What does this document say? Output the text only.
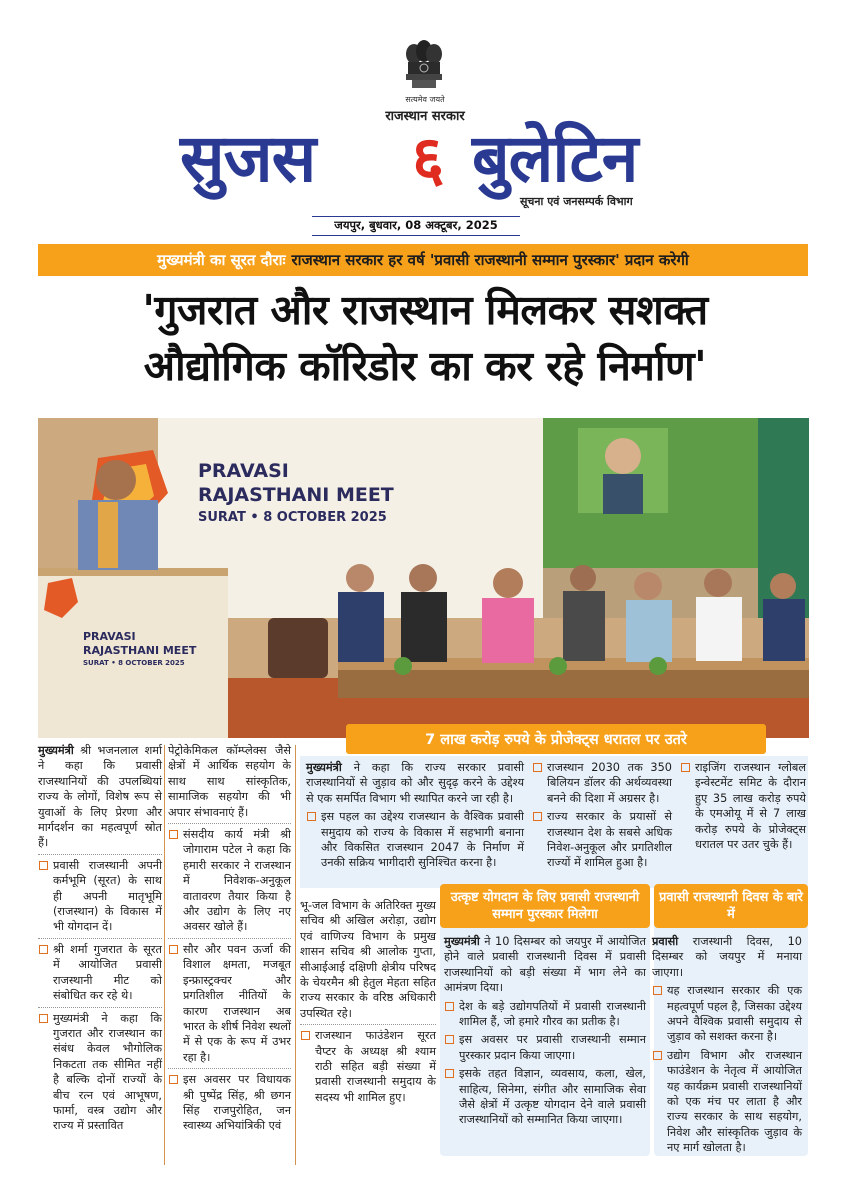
सत्यमेव जयते
राजस्थान सरकार
सुजस ६ बुलेटिन
सूचना एवं जनसम्पर्क विभाग
जयपुर, बुधवार, 08 अक्टूबर, 2025
मुख्यमंत्री का सूरत दौराः राजस्थान सरकार हर वर्ष 'प्रवासी राजस्थानी सम्मान पुरस्कार' प्रदान करेगी
'गुजरात और राजस्थान मिलकर सशक्त
औद्योगिक कॉरिडोर का कर रहे निर्माण'
PRAVASI
RAJASTHANI MEET
SURAT • 8 OCTOBER 2025
PRAVASI
RAJASTHANI MEET
SURAT • 8 OCTOBER 2025

मुख्यमंत्री श्री भजनलाल शर्मा ने कहा कि प्रवासी राजस्थानियों की उपलब्धियां राज्य के लोगों, विशेष रूप से युवाओं के लिए प्रेरणा और मार्गदर्शन का महत्वपूर्ण स्रोत हैं।

प्रवासी राजस्थानी अपनी कर्मभूमि (सूरत) के साथ ही अपनी मातृभूमि (राजस्थान) के विकास में भी योगदान दें।

श्री शर्मा गुजरात के सूरत में आयोजित प्रवासी राजस्थानी मीट को संबोधित कर रहे थे।

मुख्यमंत्री ने कहा कि गुजरात और राजस्थान का संबंध केवल भौगोलिक निकटता तक सीमित नहीं है बल्कि दोनों राज्यों के बीच रत्न एवं आभूषण, फार्मा, वस्त्र उद्योग और राज्य में प्रस्तावित

पेट्रोकेमिकल कॉम्प्लेक्स जैसे क्षेत्रों में आर्थिक सहयोग के साथ साथ सांस्कृतिक, सामाजिक सहयोग की भी अपार संभावनाएं हैं।

संसदीय कार्य मंत्री श्री जोगाराम पटेल ने कहा कि हमारी सरकार ने राजस्थान में निवेशक-अनुकूल वातावरण तैयार किया है और उद्योग के लिए नए अवसर खोले हैं।

सौर और पवन ऊर्जा की विशाल क्षमता, मजबूत इन्फ्रास्ट्रक्चर और प्रगतिशील नीतियों के कारण राजस्थान अब भारत के शीर्ष निवेश स्थलों में से एक के रूप में उभर रहा है।

इस अवसर पर विधायक श्री पुष्पेंद्र सिंह, श्री छगन सिंह राजपुरोहित, जन स्वास्थ्य अभियांत्रिकी एवं

7 लाख करोड़ रुपये के प्रोजेक्ट्स धरातल पर उतरे

मुख्यमंत्री ने कहा कि राज्य सरकार प्रवासी राजस्थानियों से जुड़ाव को और सुदृढ़ करने के उद्देश्य से एक समर्पित विभाग भी स्थापित करने जा रही है।

इस पहल का उद्देश्य राजस्थान के वैश्विक प्रवासी समुदाय को राज्य के विकास में सहभागी बनाना और विकसित राजस्थान 2047 के निर्माण में उनकी सक्रिय भागीदारी सुनिश्चित करना है।

राजस्थान 2030 तक 350 बिलियन डॉलर की अर्थव्यवस्था बनने की दिशा में अग्रसर है।

राज्य सरकार के प्रयासों से राजस्थान देश के सबसे अधिक निवेश-अनुकूल और प्रगतिशील राज्यों में शामिल हुआ है।

राइजिंग राजस्थान ग्लोबल इन्वेस्टमेंट समिट के दौरान हुए 35 लाख करोड़ रुपये के एमओयू में से 7 लाख करोड़ रुपये के प्रोजेक्ट्स धरातल पर उतर चुके हैं।

भू-जल विभाग के अतिरिक्त मुख्य सचिव श्री अखिल अरोड़ा, उद्योग एवं वाणिज्य विभाग के प्रमुख शासन सचिव श्री आलोक गुप्ता, सीआईआई दक्षिणी क्षेत्रीय परिषद के चेयरमैन श्री हेतुल मेहता सहित राज्य सरकार के वरिष्ठ अधिकारी उपस्थित रहे।

राजस्थान फाउंडेशन सूरत चैप्टर के अध्यक्ष श्री श्याम राठी सहित बड़ी संख्या में प्रवासी राजस्थानी समुदाय के सदस्य भी शामिल हुए।

उत्कृष्ट योगदान के लिए प्रवासी राजस्थानी सम्मान पुरस्कार मिलेगा

मुख्यमंत्री ने 10 दिसम्बर को जयपुर में आयोजित होने वाले प्रवासी राजस्थानी दिवस में प्रवासी राजस्थानियों को बड़ी संख्या में भाग लेने का आमंत्रण दिया।

देश के बड़े उद्योगपतियों में प्रवासी राजस्थानी शामिल हैं, जो हमारे गौरव का प्रतीक है।

इस अवसर पर प्रवासी राजस्थानी सम्मान पुरस्कार प्रदान किया जाएगा।

इसके तहत विज्ञान, व्यवसाय, कला, खेल, साहित्य, सिनेमा, संगीत और सामाजिक सेवा जैसे क्षेत्रों में उत्कृष्ट योगदान देने वाले प्रवासी राजस्थानियों को सम्मानित किया जाएगा।

प्रवासी राजस्थानी दिवस के बारे में

प्रवासी राजस्थानी दिवस, 10 दिसम्बर को जयपुर में मनाया जाएगा।

यह राजस्थान सरकार की एक महत्वपूर्ण पहल है, जिसका उद्देश्य अपने वैश्विक प्रवासी समुदाय से जुड़ाव को सशक्त करना है।

उद्योग विभाग और राजस्थान फाउंडेशन के नेतृत्व में आयोजित यह कार्यक्रम प्रवासी राजस्थानियों को एक मंच पर लाता है और राज्य सरकार के साथ सहयोग, निवेश और सांस्कृतिक जुड़ाव के नए मार्ग खोलता है।
